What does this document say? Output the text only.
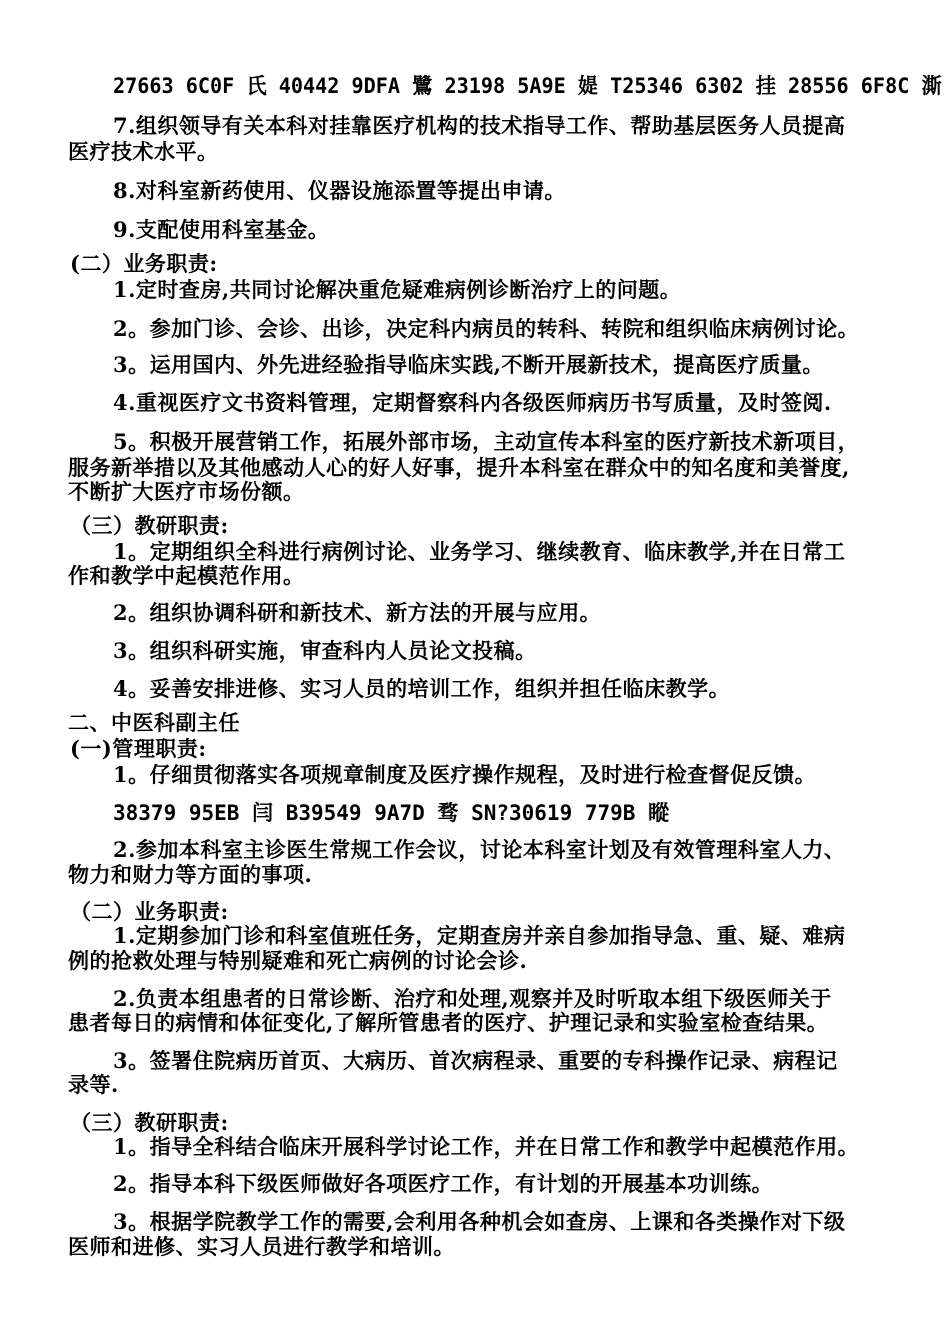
27663 6C0F 氏 40442 9DFA 鷺 23198 5A9E 媞 T25346 6302 挂 28556 6F8C 澌

7.组织领导有关本科对挂靠医疗机构的技术指导工作、帮助基层医务人员提高

医疗技术水平。

8.对科室新药使用、仪器设施添置等提出申请。

9.支配使用科室基金。

(二）业务职责:

1.定时查房,共同讨论解决重危疑难病例诊断治疗上的问题。

2。参加门诊、会诊、出诊，决定科内病员的转科、转院和组织临床病例讨论。

3。运用国内、外先进经验指导临床实践,不断开展新技术，提高医疗质量。

4.重视医疗文书资料管理，定期督察科内各级医师病历书写质量，及时签阅.

5。积极开展营销工作，拓展外部市场，主动宣传本科室的医疗新技术新项目，

服务新举措以及其他感动人心的好人好事，提升本科室在群众中的知名度和美誉度,

不断扩大医疗市场份额。

（三）教研职责:

1。定期组织全科进行病例讨论、业务学习、继续教育、临床教学,并在日常工

作和教学中起模范作用。

2。组织协调科研和新技术、新方法的开展与应用。

3。组织科研实施，审查科内人员论文投稿。

4。妥善安排进修、实习人员的培训工作，组织并担任临床教学。

二、中医科副主任

(一)管理职责:

1。仔细贯彻落实各项规章制度及医疗操作规程，及时进行检查督促反馈。

38379 95EB 闫 B39549 9A7D 骛 SN?30619 779B 瞛

2.参加本科室主诊医生常规工作会议，讨论本科室计划及有效管理科室人力、

物力和财力等方面的事项.

（二）业务职责:

1.定期参加门诊和科室值班任务，定期查房并亲自参加指导急、重、疑、难病

例的抢救处理与特别疑难和死亡病例的讨论会诊.

2.负责本组患者的日常诊断、治疗和处理,观察并及时听取本组下级医师关于

患者每日的病情和体征变化,了解所管患者的医疗、护理记录和实验室检查结果。

3。签署住院病历首页、大病历、首次病程录、重要的专科操作记录、病程记

录等.

（三）教研职责:

1。指导全科结合临床开展科学讨论工作，并在日常工作和教学中起模范作用。

2。指导本科下级医师做好各项医疗工作，有计划的开展基本功训练。

3。根据学院教学工作的需要,会利用各种机会如查房、上课和各类操作对下级

医师和进修、实习人员进行教学和培训。
